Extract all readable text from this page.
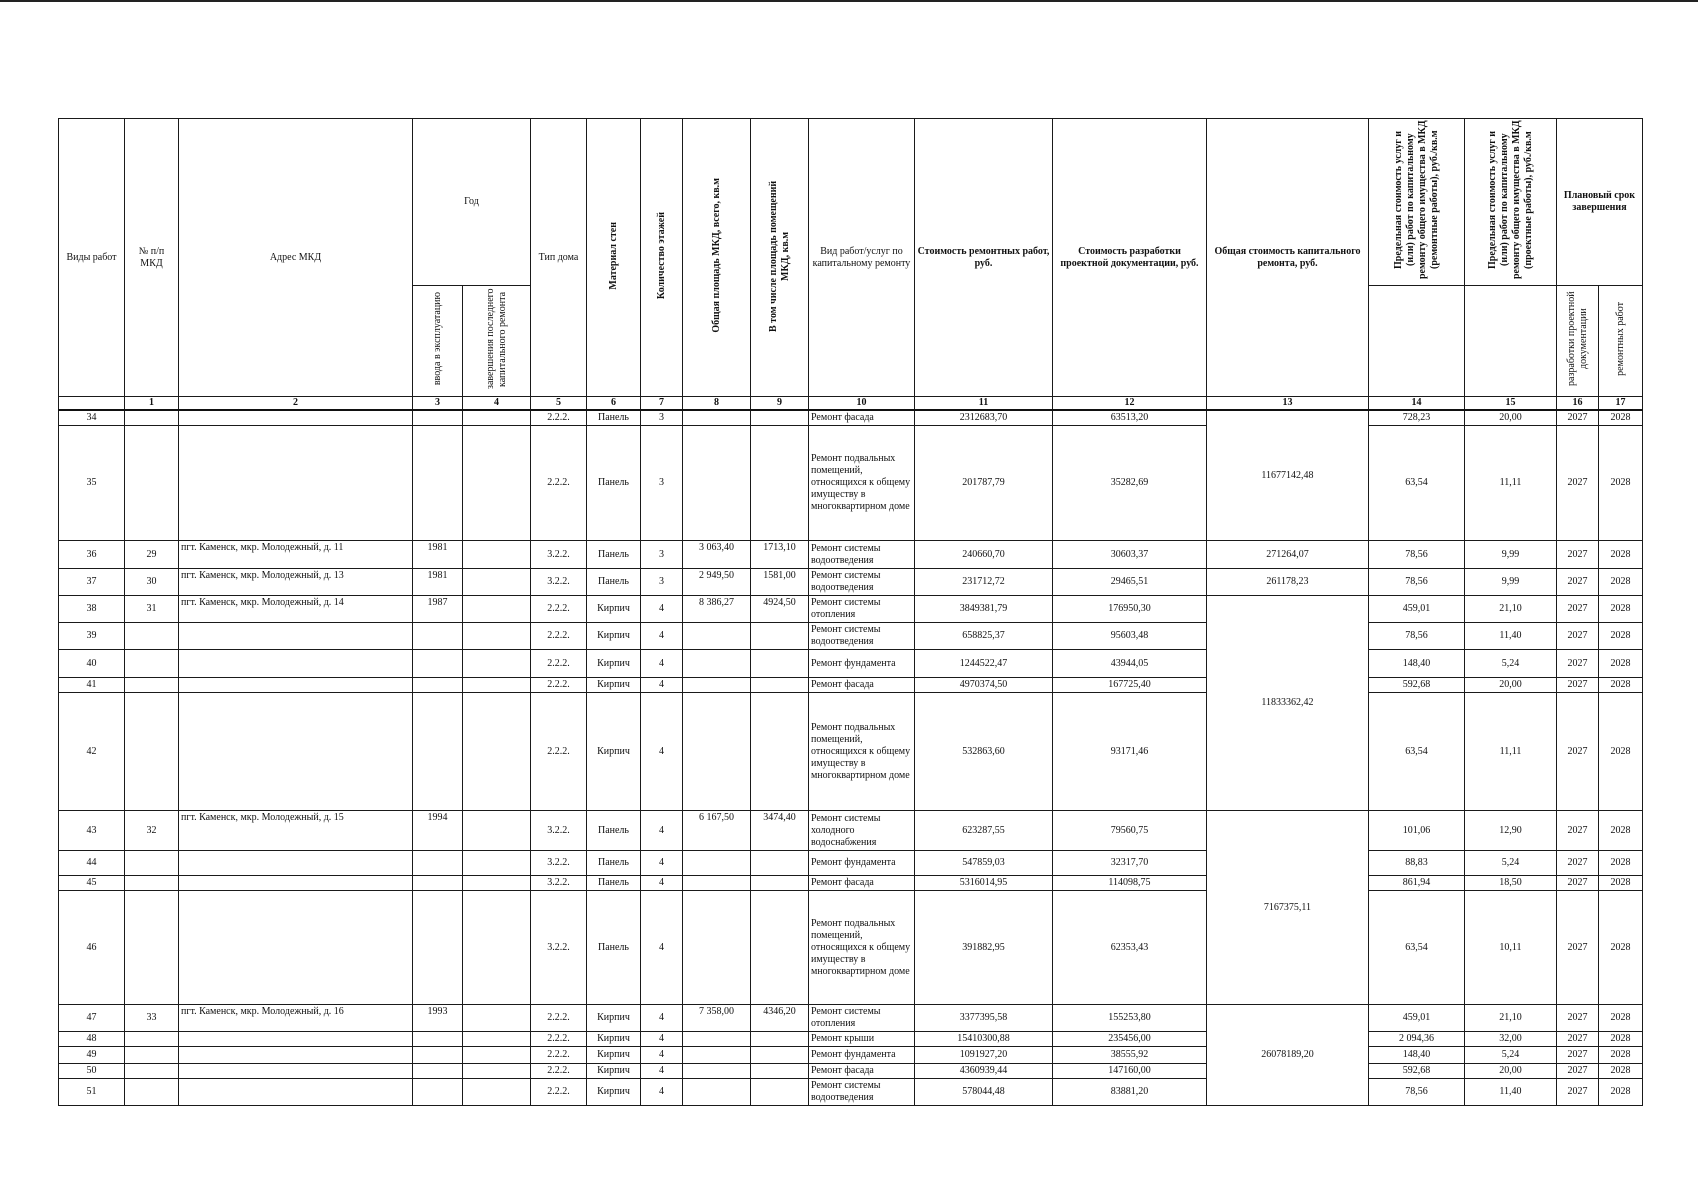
Виды работ	№ п/п МКД	Адрес МКД	Год		Тип дома	Материал стен	Количество этажей	Общая площадь МКД, всего, кв.м	В том числе площадь помещений МКД, кв.м	Вид работ/услуг по капитальному ремонту	Стоимость ремонтных работ, руб.	Стоимость разработки проектной документации, руб.	Общая стоимость капитального ремонта, руб.	Предельная стоимость услуг и (или) работ по капитальному ремонту общего имущества в МКД (ремонтные работы), руб./кв.м	Предельная стоимость услуг и (или) работ по капитальному ремонту общего имущества в МКД (проектные работы), руб./кв.м	Плановый срок завершения	
			ввода в эксплуатацию	завершения последнего капитального ремонта												разработки проектной документации	ремонтных работ
	1	2	3	4	5	6	7	8	9	10	11	12	13	14	15	16	17
34					2.2.2.	Панель	3			Ремонт фасада	2312683,70	63513,20	11677142,48	728,23	20,00	2027	2028
35					2.2.2.	Панель	3			Ремонт подвальных помещений, относящихся к общему имуществу в многоквартирном доме	201787,79	35282,69		63,54	11,11	2027	2028
36	29	пгт. Каменск, мкр. Молодежный, д. 11	1981		3.2.2.	Панель	3	3 063,40	1713,10	Ремонт системы водоотведения	240660,70	30603,37	271264,07	78,56	9,99	2027	2028
37	30	пгт. Каменск, мкр. Молодежный, д. 13	1981		3.2.2.	Панель	3	2 949,50	1581,00	Ремонт системы водоотведения	231712,72	29465,51	261178,23	78,56	9,99	2027	2028
38	31	пгт. Каменск, мкр. Молодежный, д. 14	1987		2.2.2.	Кирпич	4	8 386,27	4924,50	Ремонт системы отопления	3849381,79	176950,30	11833362,42	459,01	21,10	2027	2028
39					2.2.2.	Кирпич	4			Ремонт системы водоотведения	658825,37	95603,48		78,56	11,40	2027	2028
40					2.2.2.	Кирпич	4			Ремонт фундамента	1244522,47	43944,05		148,40	5,24	2027	2028
41					2.2.2.	Кирпич	4			Ремонт фасада	4970374,50	167725,40		592,68	20,00	2027	2028
42					2.2.2.	Кирпич	4			Ремонт подвальных помещений, относящихся к общему имуществу в многоквартирном доме	532863,60	93171,46		63,54	11,11	2027	2028
43	32	пгт. Каменск, мкр. Молодежный, д. 15	1994		3.2.2.	Панель	4	6 167,50	3474,40	Ремонт системы холодного водоснабжения	623287,55	79560,75	7167375,11	101,06	12,90	2027	2028
44					3.2.2.	Панель	4			Ремонт фундамента	547859,03	32317,70		88,83	5,24	2027	2028
45					3.2.2.	Панель	4			Ремонт фасада	5316014,95	114098,75		861,94	18,50	2027	2028
46					3.2.2.	Панель	4			Ремонт подвальных помещений, относящихся к общему имуществу в многоквартирном доме	391882,95	62353,43		63,54	10,11	2027	2028
47	33	пгт. Каменск, мкр. Молодежный, д. 16	1993		2.2.2.	Кирпич	4	7 358,00	4346,20	Ремонт системы отопления	3377395,58	155253,80	26078189,20	459,01	21,10	2027	2028
48					2.2.2.	Кирпич	4			Ремонт крыши	15410300,88	235456,00		2 094,36	32,00	2027	2028
49					2.2.2.	Кирпич	4			Ремонт фундамента	1091927,20	38555,92		148,40	5,24	2027	2028
50					2.2.2.	Кирпич	4			Ремонт фасада	4360939,44	147160,00		592,68	20,00	2027	2028
51					2.2.2.	Кирпич	4			Ремонт системы водоотведения	578044,48	83881,20		78,56	11,40	2027	2028
